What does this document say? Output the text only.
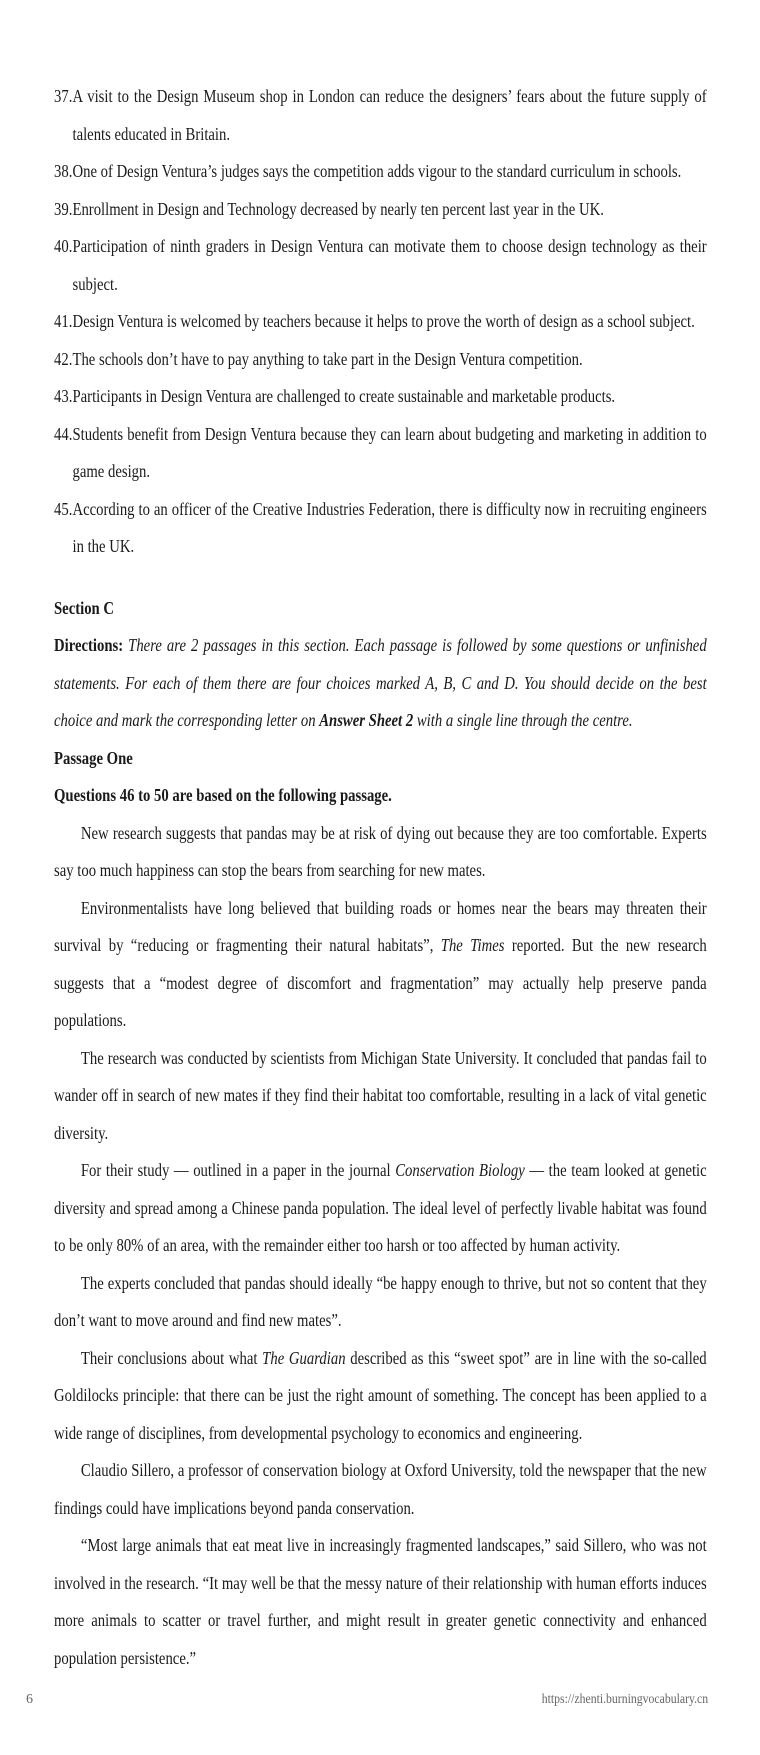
37. A visit to the Design Museum shop in London can reduce the designers’ fears about the future supply of talents educated in Britain.
38. One of Design Ventura’s judges says the competition adds vigour to the standard curriculum in schools.
39. Enrollment in Design and Technology decreased by nearly ten percent last year in the UK.
40. Participation of ninth graders in Design Ventura can motivate them to choose design technology as their subject.
41. Design Ventura is welcomed by teachers because it helps to prove the worth of design as a school subject.
42. The schools don’t have to pay anything to take part in the Design Ventura competition.
43. Participants in Design Ventura are challenged to create sustainable and marketable products.
44. Students benefit from Design Ventura because they can learn about budgeting and marketing in addition to game design.
45. According to an officer of the Creative Industries Federation, there is difficulty now in recruiting engineers in the UK.
Section C
Directions: There are 2 passages in this section. Each passage is followed by some questions or unfinished statements. For each of them there are four choices marked A, B, C and D. You should decide on the best choice and mark the corresponding letter on Answer Sheet 2 with a single line through the centre.
Passage One
Questions 46 to 50 are based on the following passage.
New research suggests that pandas may be at risk of dying out because they are too comfortable. Experts say too much happiness can stop the bears from searching for new mates.
Environmentalists have long believed that building roads or homes near the bears may threaten their survival by “reducing or fragmenting their natural habitats”, The Times reported. But the new research suggests that a “modest degree of discomfort and fragmentation” may actually help preserve panda populations.
The research was conducted by scientists from Michigan State University. It concluded that pandas fail to wander off in search of new mates if they find their habitat too comfortable, resulting in a lack of vital genetic diversity.
For their study — outlined in a paper in the journal Conservation Biology — the team looked at genetic diversity and spread among a Chinese panda population. The ideal level of perfectly livable habitat was found to be only 80% of an area, with the remainder either too harsh or too affected by human activity.
The experts concluded that pandas should ideally “be happy enough to thrive, but not so content that they don’t want to move around and find new mates”.
Their conclusions about what The Guardian described as this “sweet spot” are in line with the so-called Goldilocks principle: that there can be just the right amount of something. The concept has been applied to a wide range of disciplines, from developmental psychology to economics and engineering.
Claudio Sillero, a professor of conservation biology at Oxford University, told the newspaper that the new findings could have implications beyond panda conservation.
“Most large animals that eat meat live in increasingly fragmented landscapes,” said Sillero, who was not involved in the research. “It may well be that the messy nature of their relationship with human efforts induces more animals to scatter or travel further, and might result in greater genetic connectivity and enhanced population persistence.”
6	https://zhenti.burningvocabulary.cn
